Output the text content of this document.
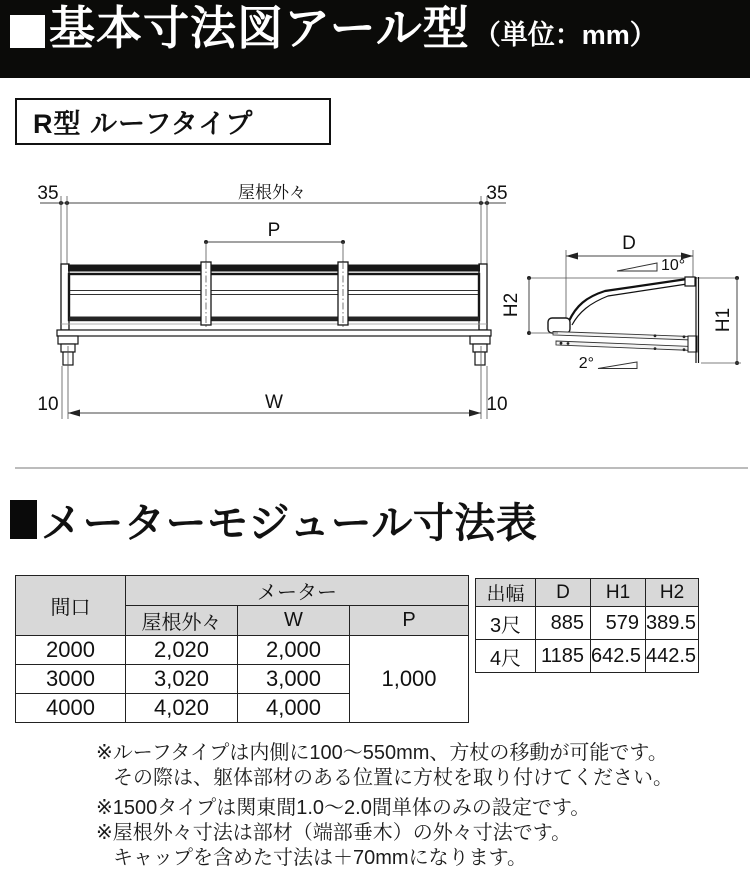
基本寸法図アール型 （単位：mm）
R型 ルーフタイプ
35	35
屋根外々
P
10	10
W
D
10°
H2
H1
2°
メーターモジュール寸法表
間口	メーター		
	屋根外々	W	P
2000	2,020	2,000	1,000
3000	3,020	3,000	
4000	4,020	4,000	
出幅	D	H1	H2
3尺	885	579	389.5
4尺	1185	642.5	442.5
※ルーフタイプは内側に100～550mm、方杖の移動が可能です。
その際は、躯体部材のある位置に方杖を取り付けてください。
※1500タイプは関東間1.0～2.0間単体のみの設定です。
※屋根外々寸法は部材（端部垂木）の外々寸法です。
キャップを含めた寸法は＋70mmになります。
